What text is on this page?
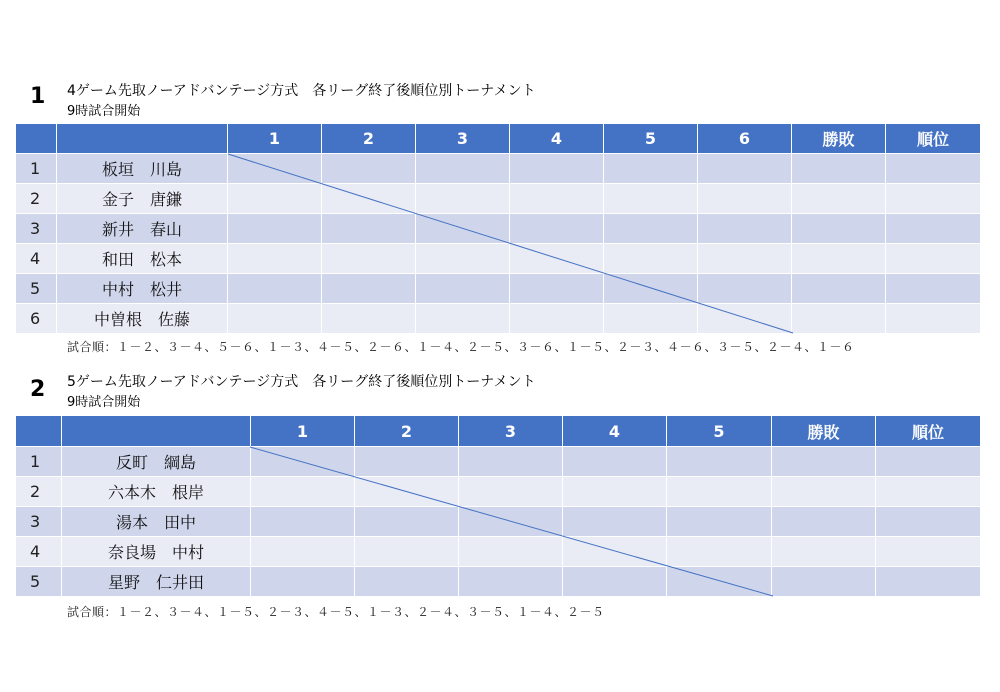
1 4ゲーム先取ノーアドバンテージ方式　各リーグ終了後順位別トーナメント
9時試合開始
		1	2	3	4	5	6	勝敗	順位
1	板垣　川島								
2	金子　唐鎌								
3	新井　春山								
4	和田　松本								
5	中村　松井								
6	中曽根　佐藤								
試合順：１－２、３－４、５－６、１－３、４－５、２－６、１－４、２－５、３－６、１－５、２－３、４－６、３－５、２－４、１－６
2 5ゲーム先取ノーアドバンテージ方式　各リーグ終了後順位別トーナメント
9時試合開始
		1	2	3	4	5	勝敗	順位
1	反町　綱島							
2	六本木　根岸							
3	湯本　田中							
4	奈良場　中村							
5	星野　仁井田							
試合順：１－２、３－４、１－５、２－３、４－５、１－３、２－４、３－５、１－４、２－５
